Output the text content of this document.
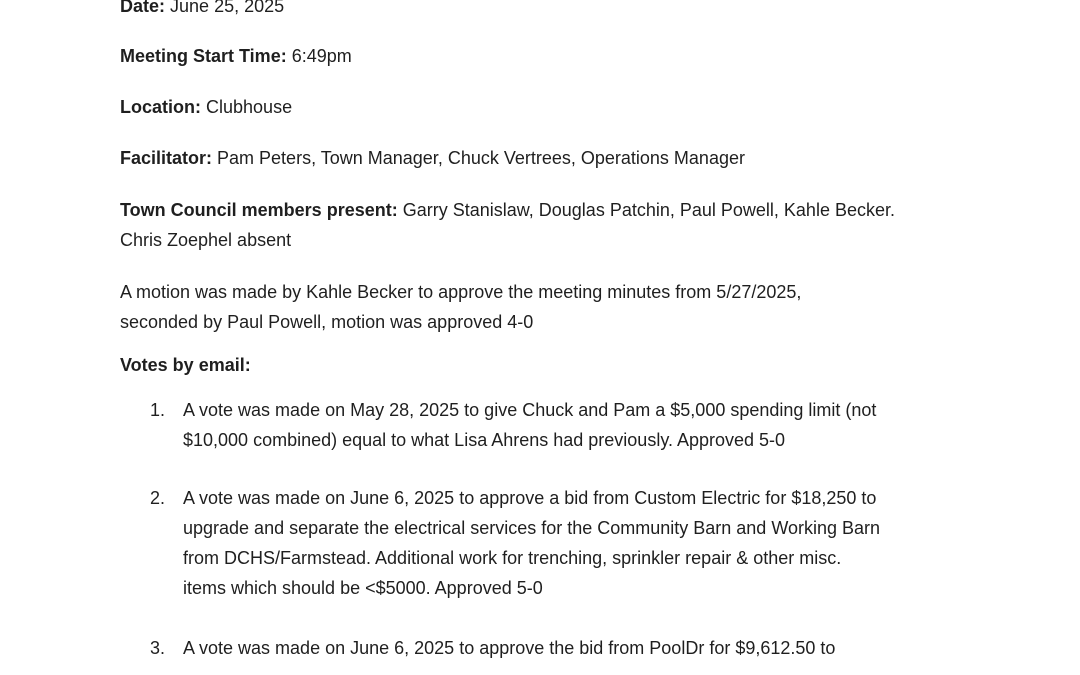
Date: June 25, 2025
Meeting Start Time: 6:49pm
Location: Clubhouse
Facilitator: Pam Peters, Town Manager, Chuck Vertrees, Operations Manager
Town Council members present: Garry Stanislaw, Douglas Patchin, Paul Powell, Kahle Becker.
Chris Zoephel absent
A motion was made by Kahle Becker to approve the meeting minutes from 5/27/2025,
seconded by Paul Powell, motion was approved 4-0
Votes by email:
1. A vote was made on May 28, 2025 to give Chuck and Pam a $5,000 spending limit (not
$10,000 combined) equal to what Lisa Ahrens had previously. Approved 5-0
2. A vote was made on June 6, 2025 to approve a bid from Custom Electric for $18,250 to
upgrade and separate the electrical services for the Community Barn and Working Barn
from DCHS/Farmstead. Additional work for trenching, sprinkler repair & other misc.
items which should be <$5000. Approved 5-0
3. A vote was made on June 6, 2025 to approve the bid from PoolDr for $9,612.50 to
